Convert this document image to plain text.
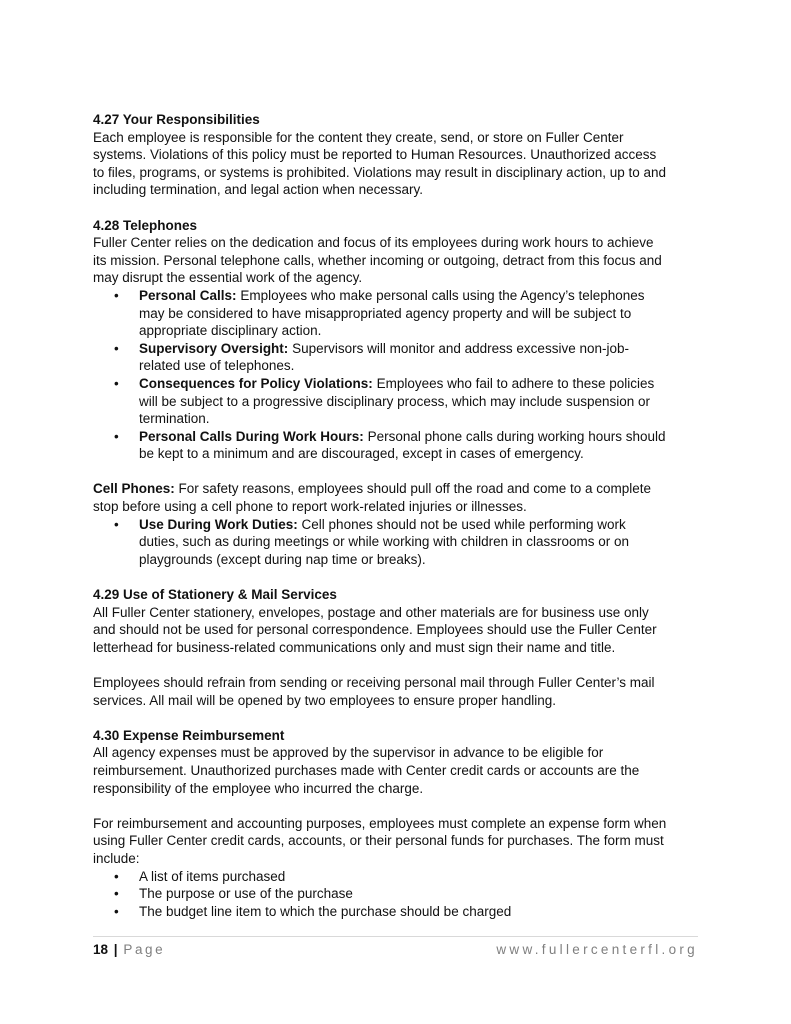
4.27 Your Responsibilities

Each employee is responsible for the content they create, send, or store on Fuller Center

systems. Violations of this policy must be reported to Human Resources. Unauthorized access

to files, programs, or systems is prohibited. Violations may result in disciplinary action, up to and

including termination, and legal action when necessary.

4.28 Telephones

Fuller Center relies on the dedication and focus of its employees during work hours to achieve

its mission. Personal telephone calls, whether incoming or outgoing, detract from this focus and

may disrupt the essential work of the agency.

• Personal Calls: Employees who make personal calls using the Agency’s telephones
may be considered to have misappropriated agency property and will be subject to
appropriate disciplinary action.
• Supervisory Oversight: Supervisors will monitor and address excessive non-job-
related use of telephones.
• Consequences for Policy Violations: Employees who fail to adhere to these policies
will be subject to a progressive disciplinary process, which may include suspension or
termination.
• Personal Calls During Work Hours: Personal phone calls during working hours should
be kept to a minimum and are discouraged, except in cases of emergency.

Cell Phones: For safety reasons, employees should pull off the road and come to a complete

stop before using a cell phone to report work-related injuries or illnesses.

• Use During Work Duties: Cell phones should not be used while performing work
duties, such as during meetings or while working with children in classrooms or on
playgrounds (except during nap time or breaks).
4.29 Use of Stationery & Mail Services

All Fuller Center stationery, envelopes, postage and other materials are for business use only

and should not be used for personal correspondence. Employees should use the Fuller Center

letterhead for business-related communications only and must sign their name and title.

Employees should refrain from sending or receiving personal mail through Fuller Center’s mail

services. All mail will be opened by two employees to ensure proper handling.

4.30 Expense Reimbursement

All agency expenses must be approved by the supervisor in advance to be eligible for

reimbursement. Unauthorized purchases made with Center credit cards or accounts are the

responsibility of the employee who incurred the charge.

For reimbursement and accounting purposes, employees must complete an expense form when

using Fuller Center credit cards, accounts, or their personal funds for purchases. The form must

include:

• A list of items purchased
• The purpose or use of the purchase
• The budget line item to which the purchase should be charged
18 | Page	www.fullercenterfl.org
